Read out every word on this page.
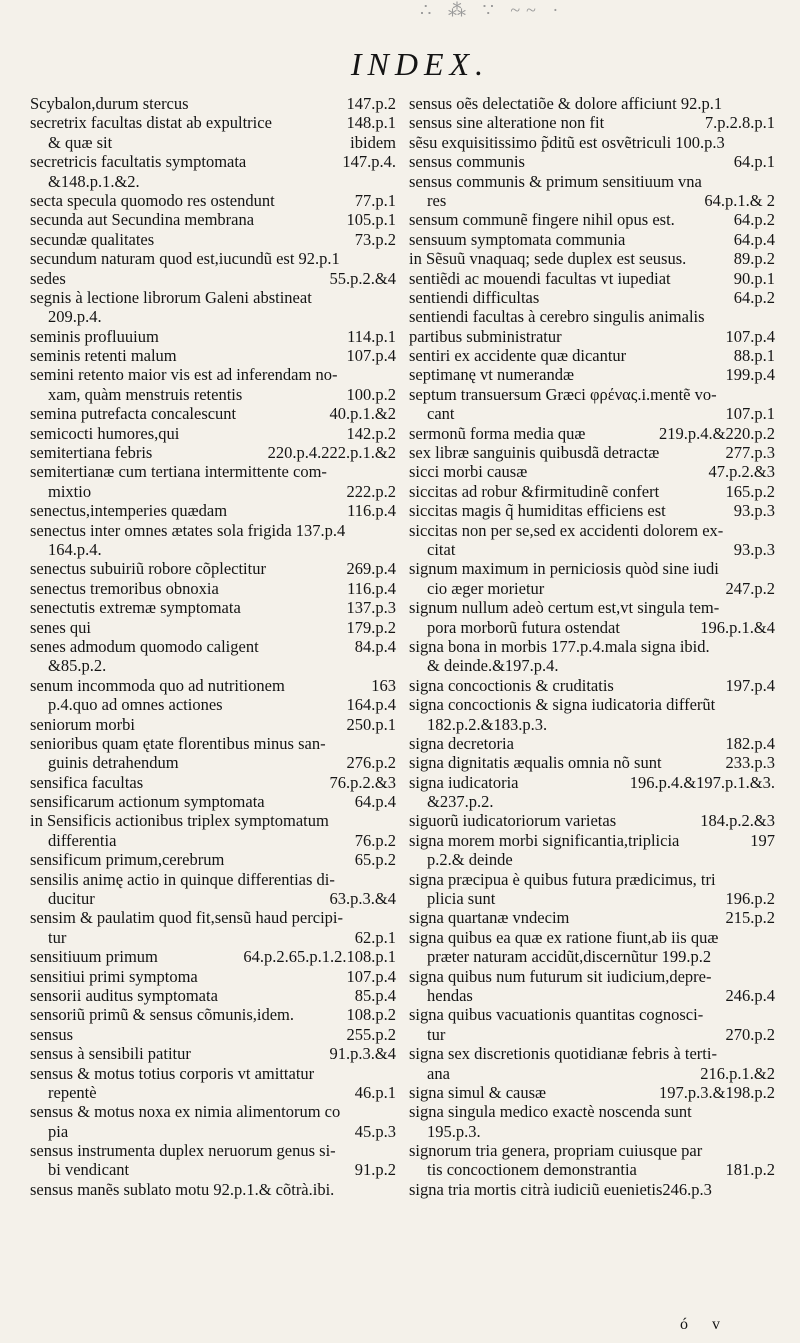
∴ ⁂ ∵ ~~ ·
INDEX.
Scybalon,durum stercus	147.p.2
secretrix facultas distat ab expultrice	148.p.1
& quæ sit	ibidem
secretricis facultatis symptomata	147.p.4.
&148.p.1.&2.
secta specula quomodo res ostendunt	77.p.1
secunda aut Secundina membrana	105.p.1
secundæ qualitates	73.p.2
secundum naturam quod est,iucundũ est 92.p.1
sedes	55.p.2.&4
segnis à lectione librorum Galeni abstineat
209.p.4.
seminis profluuium	114.p.1
seminis retenti malum	107.p.4
semini retento maior vis est ad inferendam no-
xam, quàm menstruis retentis	100.p.2
semina putrefacta concalescunt	40.p.1.&2
semicocti humores,qui	142.p.2
semitertiana febris	220.p.4.222.p.1.&2
semitertianæ cum tertiana intermittente com-
mixtio	222.p.2
senectus,intemperies quædam	116.p.4
senectus inter omnes ætates sola frigida 137.p.4
164.p.4.
senectus subuiriũ robore cõplectitur	269.p.4
senectus tremoribus obnoxia	116.p.4
senectutis extremæ symptomata	137.p.3
senes qui	179.p.2
senes admodum quomodo caligent	84.p.4
&85.p.2.
senum incommoda quo ad nutritionem	163
p.4.quo ad omnes actiones	164.p.4
seniorum morbi	250.p.1
senioribus quam ętate florentibus minus san-
guinis detrahendum	276.p.2
sensifica facultas	76.p.2.&3
sensificarum actionum symptomata	64.p.4
in Sensificis actionibus triplex symptomatum
differentia	76.p.2
sensificum primum,cerebrum	65.p.2
sensilis animę actio in quinque differentias di-
ducitur	63.p.3.&4
sensim & paulatim quod fit,sensũ haud percipi-
tur	62.p.1
sensitiuum primum	64.p.2.65.p.1.2.108.p.1
sensitiui primi symptoma	107.p.4
sensorii auditus symptomata	85.p.4
sensoriũ primũ & sensus cõmunis,idem.	108.p.2
sensus	255.p.2
sensus à sensibili patitur	91.p.3.&4
sensus & motus totius corporis vt amittatur
repentè	46.p.1
sensus & motus noxa ex nimia alimentorum co
pia	45.p.3
sensus instrumenta duplex neruorum genus si-
bi vendicant	91.p.2
sensus manẽs sublato motu 92.p.1.& cõtrà.ibi.
sensus oẽs delectatiõe & dolore afficiunt 92.p.1
sensus sine alteratione non fit	7.p.2.8.p.1
sẽsu exquisitissimo p̃ditũ est osvẽtriculi 100.p.3
sensus communis	64.p.1
sensus communis & primum sensitiuum vna
res	64.p.1.& 2
sensum communẽ fingere nihil opus est.	64.p.2
sensuum symptomata communia	64.p.4
in Sẽsuũ vnaquaq; sede duplex est seusus.	89.p.2
sentiẽdi ac mouendi facultas vt iupediat	90.p.1
sentiendi difficultas	64.p.2
sentiendi facultas à cerebro singulis animalis
partibus subministratur	107.p.4
sentiri ex accidente quæ dicantur	88.p.1
septimanę vt numerandæ	199.p.4
septum transuersum Græci φρένας.i.mentẽ vo-
cant	107.p.1
sermonũ forma media quæ	219.p.4.&220.p.2
sex libræ sanguinis quibusdã detractæ	277.p.3
sicci morbi causæ	47.p.2.&3
siccitas ad robur &firmitudinẽ confert	165.p.2
siccitas magis q̃ humiditas efficiens est	93.p.3
siccitas non per se,sed ex accidenti dolorem ex-
citat	93.p.3
signum maximum in perniciosis quòd sine iudi
cio æger morietur	247.p.2
signum nullum adeò certum est,vt singula tem-
pora morborũ futura ostendat	196.p.1.&4
signa bona in morbis 177.p.4.mala signa ibid.
& deinde.&197.p.4.
signa concoctionis & cruditatis	197.p.4
signa concoctionis & signa iudicatoria differũt
182.p.2.&183.p.3.
signa decretoria	182.p.4
signa dignitatis æqualis omnia nõ sunt	233.p.3
signa iudicatoria	196.p.4.&197.p.1.&3.
&237.p.2.
siguorũ iudicatoriorum varietas	184.p.2.&3
signa morem morbi significantia,triplicia	197
p.2.& deinde
signa præcipua è quibus futura prædicimus, tri
plicia sunt	196.p.2
signa quartanæ vndecim	215.p.2
signa quibus ea quæ ex ratione fiunt,ab iis quæ
præter naturam accidũt,discernũtur 199.p.2
signa quibus num futurum sit iudicium,depre-
hendas	246.p.4
signa quibus vacuationis quantitas cognosci-
tur	270.p.2
signa sex discretionis quotidianæ febris à terti-
ana	216.p.1.&2
signa simul & causæ	197.p.3.&198.p.2
signa singula medico exactè noscenda sunt
195.p.3.
signorum tria genera, propriam cuiusque par
tis concoctionem demonstrantia	181.p.2
signa tria mortis citrà iudiciũ euenietis246.p.3
ó v
